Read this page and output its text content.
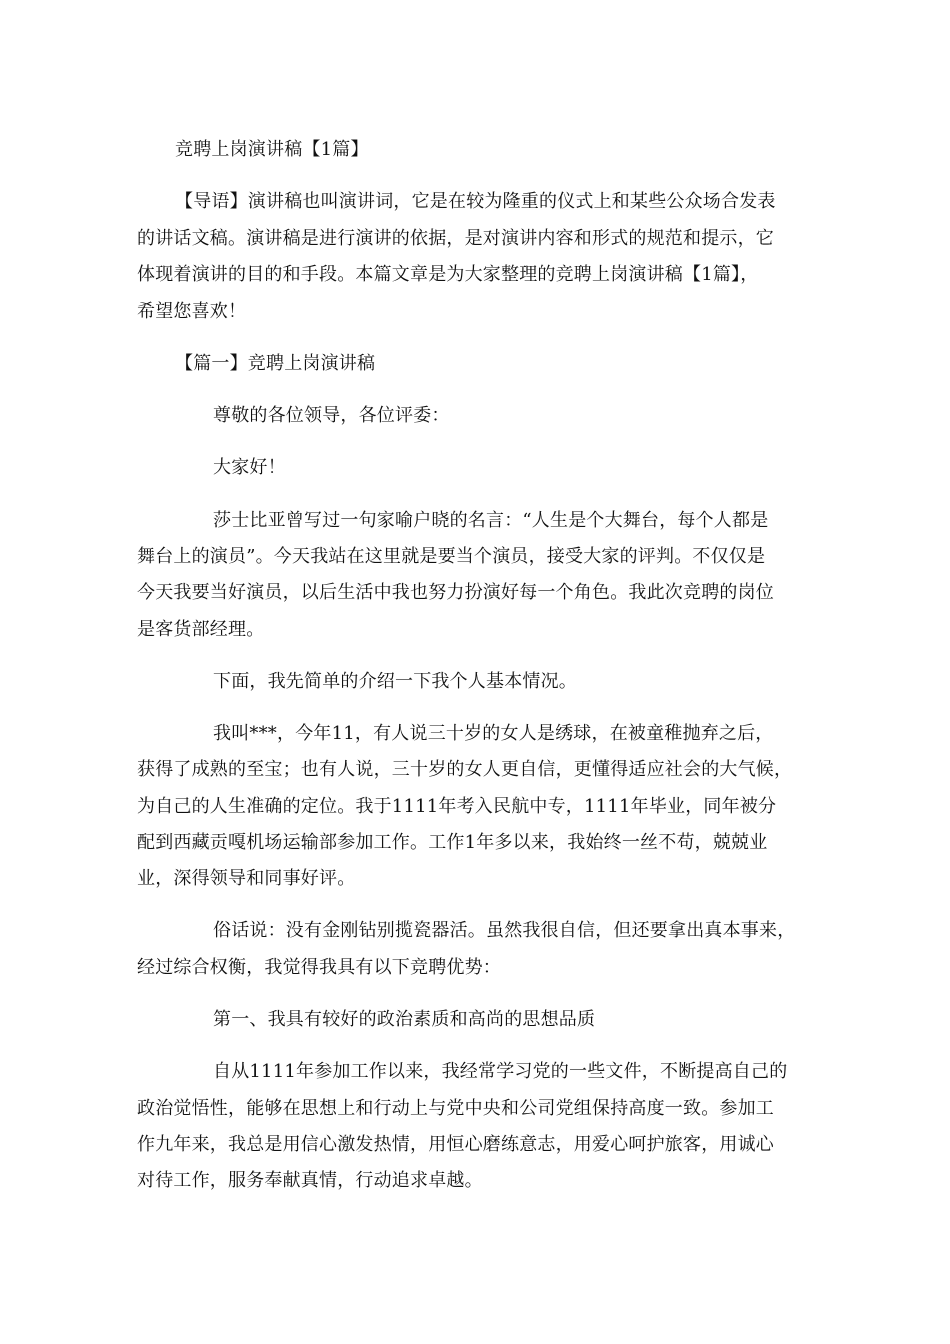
竞聘上岗演讲稿【1篇】
【导语】演讲稿也叫演讲词，它是在较为隆重的仪式上和某些公众场合发表
的讲话文稿。演讲稿是进行演讲的依据，是对演讲内容和形式的规范和提示，它
体现着演讲的目的和手段。本篇文章是为大家整理的竞聘上岗演讲稿【1篇】，
希望您喜欢！
【篇一】竞聘上岗演讲稿
尊敬的各位领导，各位评委：
大家好！
莎士比亚曾写过一句家喻户晓的名言：“人生是个大舞台，每个人都是
舞台上的演员”。今天我站在这里就是要当个演员，接受大家的评判。不仅仅是
今天我要当好演员，以后生活中我也努力扮演好每一个角色。我此次竞聘的岗位
是客货部经理。
下面，我先简单的介绍一下我个人基本情况。
我叫***，今年11，有人说三十岁的女人是绣球，在被童稚抛弃之后，
获得了成熟的至宝；也有人说，三十岁的女人更自信，更懂得适应社会的大气候，
为自己的人生准确的定位。我于1111年考入民航中专，1111年毕业，同年被分
配到西藏贡嘎机场运输部参加工作。工作1年多以来，我始终一丝不苟，兢兢业
业，深得领导和同事好评。
俗话说：没有金刚钻别揽瓷器活。虽然我很自信，但还要拿出真本事来，
经过综合权衡，我觉得我具有以下竞聘优势：
第一、我具有较好的政治素质和高尚的思想品质
自从1111年参加工作以来，我经常学习党的一些文件，不断提高自己的
政治觉悟性，能够在思想上和行动上与党中央和公司党组保持高度一致。参加工
作九年来，我总是用信心激发热情，用恒心磨练意志，用爱心呵护旅客，用诚心
对待工作，服务奉献真情，行动追求卓越。
